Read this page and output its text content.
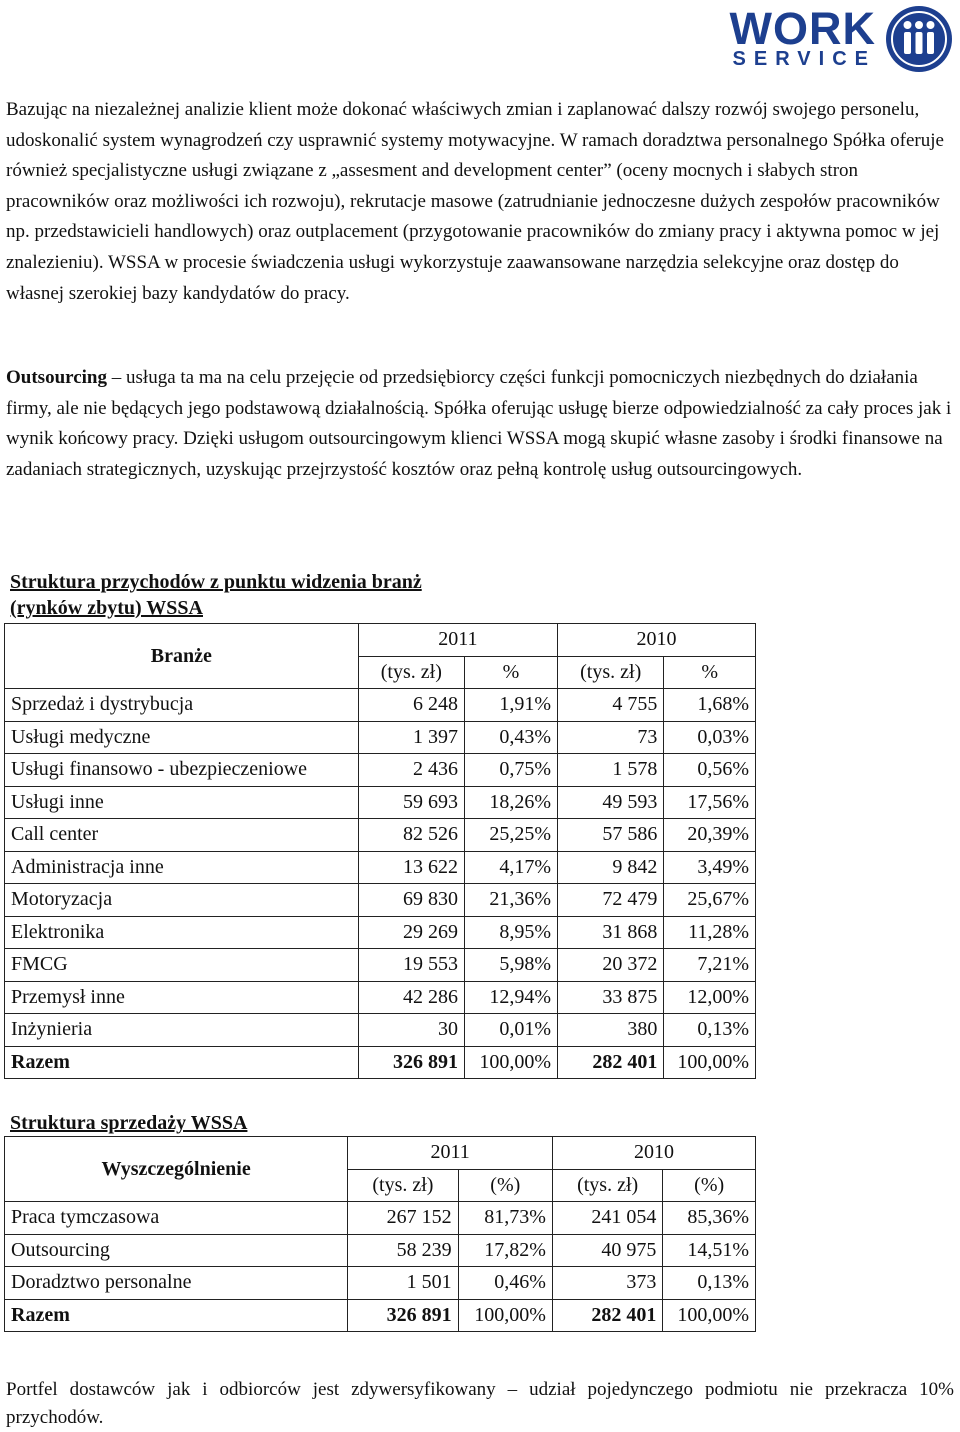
WORK
SERVICE

Bazując na niezależnej analizie klient może dokonać właściwych zmian i zaplanować dalszy rozwój swojego personelu, udoskonalić system wynagrodzeń czy usprawnić systemy motywacyjne. W ramach doradztwa personalnego Spółka oferuje również specjalistyczne usługi związane z „assesment and development center” (oceny mocnych i słabych stron pracowników oraz możliwości ich rozwoju), rekrutacje masowe (zatrudnianie jednoczesne dużych zespołów pracowników np. przedstawicieli handlowych) oraz outplacement (przygotowanie pracowników do zmiany pracy i aktywna pomoc w jej znalezieniu). WSSA w procesie świadczenia usługi wykorzystuje zaawansowane narzędzia selekcyjne oraz dostęp do własnej szerokiej bazy kandydatów do pracy.

Outsourcing – usługa ta ma na celu przejęcie od przedsiębiorcy części funkcji pomocniczych niezbędnych do działania firmy, ale nie będących jego podstawową działalnością. Spółka oferując usługę bierze odpowiedzialność za cały proces jak i wynik końcowy pracy. Dzięki usługom outsourcingowym klienci WSSA mogą skupić własne zasoby i środki finansowe na zadaniach strategicznych, uzyskując przejrzystość kosztów oraz pełną kontrolę usług outsourcingowych.

Struktura przychodów z punktu widzenia branż
(rynków zbytu) WSSA
Branże	2011		2010	
	(tys. zł)	%	(tys. zł)	%
Sprzedaż i dystrybucja	6 248	1,91%	4 755	1,68%
Usługi medyczne	1 397	0,43%	73	0,03%
Usługi finansowo - ubezpieczeniowe	2 436	0,75%	1 578	0,56%
Usługi inne	59 693	18,26%	49 593	17,56%
Call center	82 526	25,25%	57 586	20,39%
Administracja inne	13 622	4,17%	9 842	3,49%
Motoryzacja	69 830	21,36%	72 479	25,67%
Elektronika	29 269	8,95%	31 868	11,28%
FMCG	19 553	5,98%	20 372	7,21%
Przemysł inne	42 286	12,94%	33 875	12,00%
Inżynieria	30	0,01%	380	0,13%
Razem	326 891	100,00%	282 401	100,00%
Struktura sprzedaży WSSA
Wyszczególnienie	2011		2010	
	(tys. zł)	(%)	(tys. zł)	(%)
Praca tymczasowa	267 152	81,73%	241 054	85,36%
Outsourcing	58 239	17,82%	40 975	14,51%
Doradztwo personalne	1 501	0,46%	373	0,13%
Razem	326 891	100,00%	282 401	100,00%

Portfel dostawców jak i odbiorców jest zdywersyfikowany – udział pojedynczego podmiotu nie przekracza 10% przychodów.
